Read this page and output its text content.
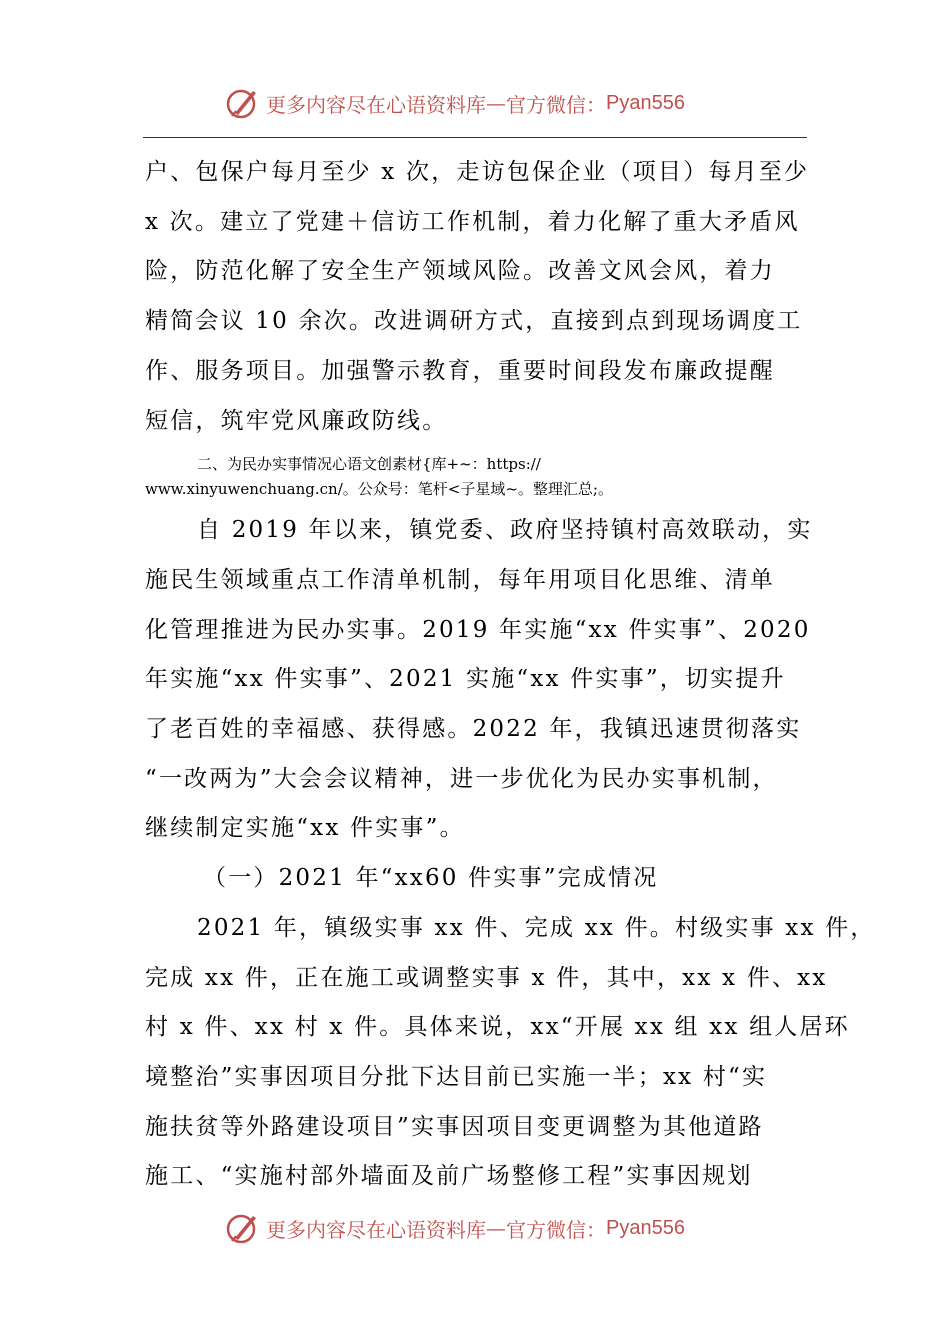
更多内容尽在心语资料库 — 官方微信： Pyan556
户、包保户每月至少 x 次，走访包保企业（项目）每月至少
x 次。建立了党建＋信访工作机制，着力化解了重大矛盾风
险，防范化解了安全生产领域风险。改善文风会风，着力
精简会议 10 余次。改进调研方式，直接到点到现场调度工
作、服务项目。加强警示教育，重要时间段发布廉政提醒
短信，筑牢党风廉政防线。
二、为民办实事情况心语文创素材{库+~：https://
www.xinyuwenchuang.cn/。公众号：笔杆<子星域~。整理汇总;。
自 2019 年以来，镇党委、政府坚持镇村高效联动，实
施民生领域重点工作清单机制，每年用项目化思维、清单
化管理推进为民办实事。2019 年实施“xx 件实事”、2020
年实施“xx 件实事”、2021 实施“xx 件实事”，切实提升
了老百姓的幸福感、获得感。2022 年，我镇迅速贯彻落实
“一改两为”大会会议精神，进一步优化为民办实事机制，
继续制定实施“xx 件实事”。
（一）2021 年“xx60 件实事”完成情况
2021 年，镇级实事 xx 件、完成 xx 件。村级实事 xx 件，
完成 xx 件，正在施工或调整实事 x 件，其中，xx x 件、xx
村 x 件、xx 村 x 件。具体来说，xx“开展 xx 组 xx 组人居环
境整治”实事因项目分批下达目前已实施一半；xx 村“实
施扶贫等外路建设项目”实事因项目变更调整为其他道路
施工、“实施村部外墙面及前广场整修工程”实事因规划
更多内容尽在心语资料库 — 官方微信： Pyan556
